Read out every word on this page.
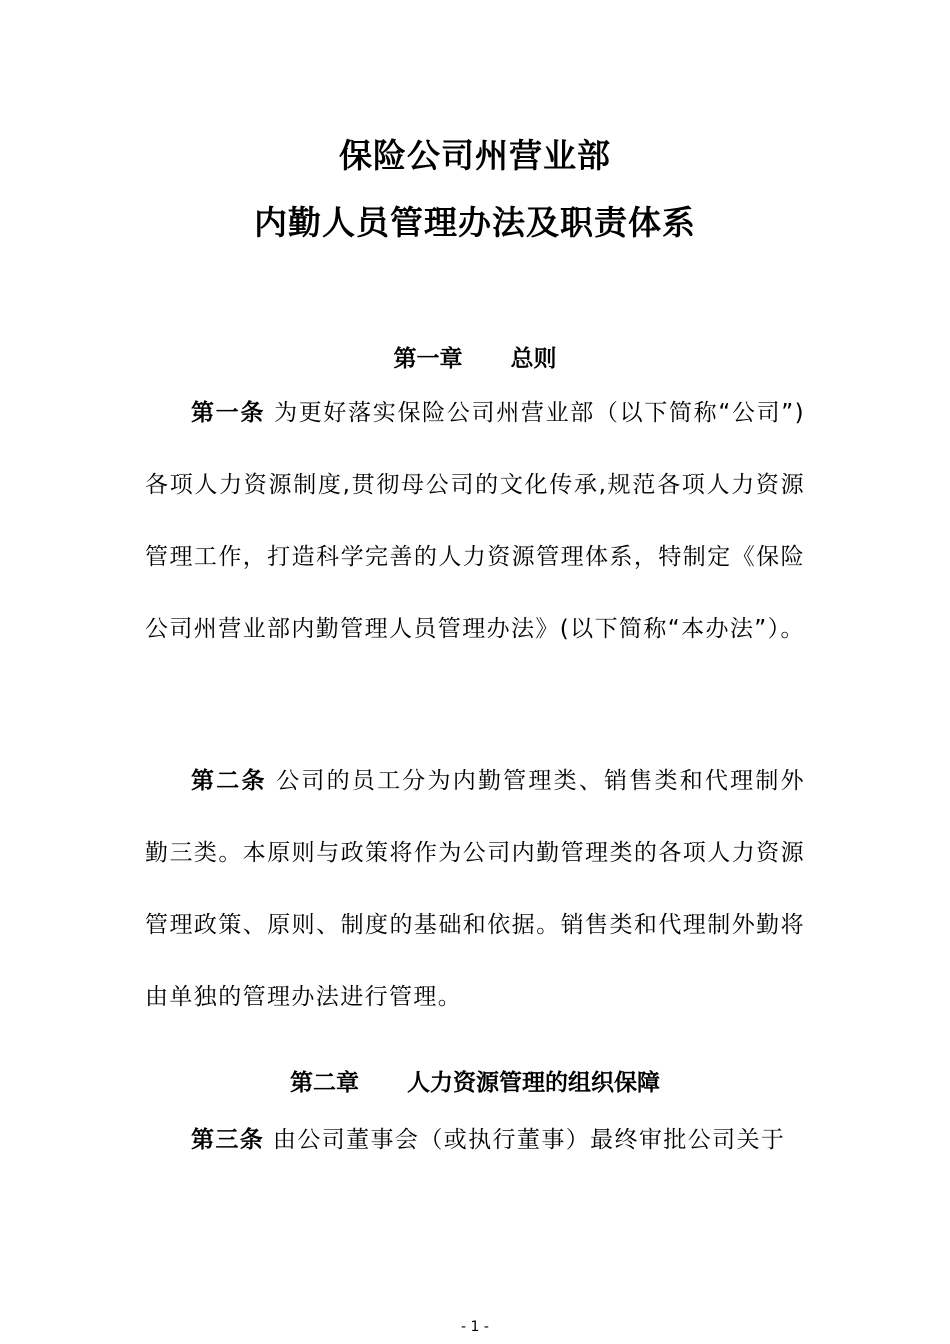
保险公司州营业部
内勤人员管理办法及职责体系
第一章 总则

第一条 为更好落实保险公司州营业部（以下简称“公司”)各项人力资源制度,贯彻母公司的文化传承,规范各项人力资源管理工作，打造科学完善的人力资源管理体系，特制定《保险公司州营业部内勤管理人员管理办法》(以下简称“本办法”）。

第二条 公司的员工分为内勤管理类、销售类和代理制外勤三类。本原则与政策将作为公司内勤管理类的各项人力资源管理政策、原则、制度的基础和依据。销售类和代理制外勤将由单独的管理办法进行管理。

第二章 人力资源管理的组织保障

第三条 由公司董事会（或执行董事）最终审批公司关于

- 1 -
